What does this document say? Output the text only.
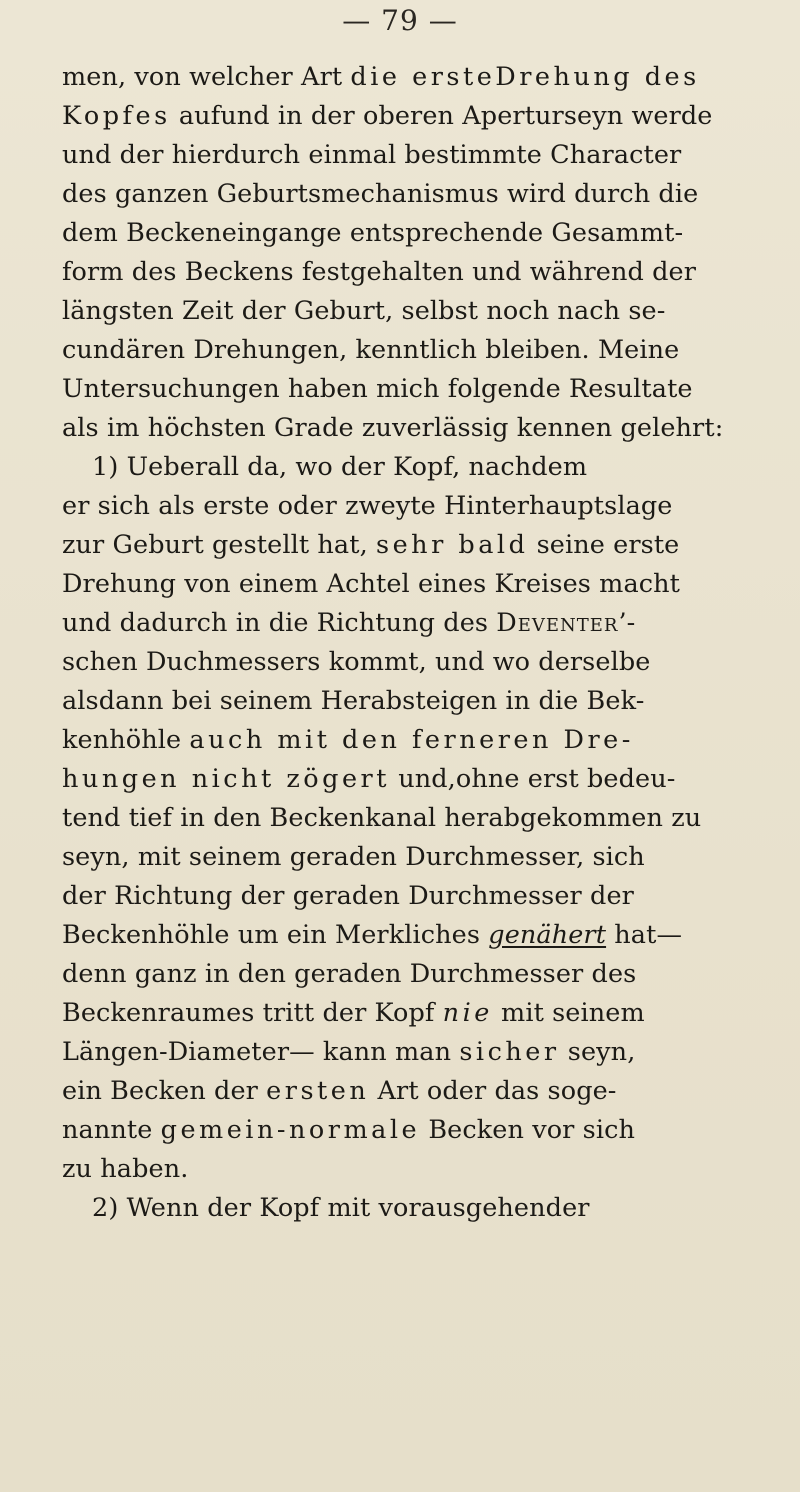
— 79 —
men, von welcher Art die ersteDrehung des
Kopfes aufund in der oberen Aperturseyn werde
und der hierdurch einmal bestimmte Character
des ganzen Geburtsmechanismus wird durch die
dem Beckeneingange entsprechende Gesammt-
form des Beckens festgehalten und während der
längsten Zeit der Geburt, selbst noch nach se-
cundären Drehungen, kenntlich bleiben. Meine
Untersuchungen haben mich folgende Resultate
als im höchsten Grade zuverlässig kennen gelehrt:
1) Ueberall da, wo der Kopf, nachdem
er sich als erste oder zweyte Hinterhauptslage
zur Geburt gestellt hat, sehr bald seine erste
Drehung von einem Achtel eines Kreises macht
und dadurch in die Richtung des Deventer’-
schen Duchmessers kommt, und wo derselbe
alsdann bei seinem Herabsteigen in die Bek-
kenhöhle auch mit den ferneren Dre-
hungen nicht zögert und,ohne erst bedeu-
tend tief in den Beckenkanal herabgekommen zu
seyn, mit seinem geraden Durchmesser, sich
der Richtung der geraden Durchmesser der
Beckenhöhle um ein Merkliches genähert hat—
denn ganz in den geraden Durchmesser des
Beckenraumes tritt der Kopf nie mit seinem
Längen-Diameter— kann man sicher seyn,
ein Becken der ersten Art oder das soge-
nannte gemein-normale Becken vor sich
zu haben.
2) Wenn der Kopf mit vorausgehender
